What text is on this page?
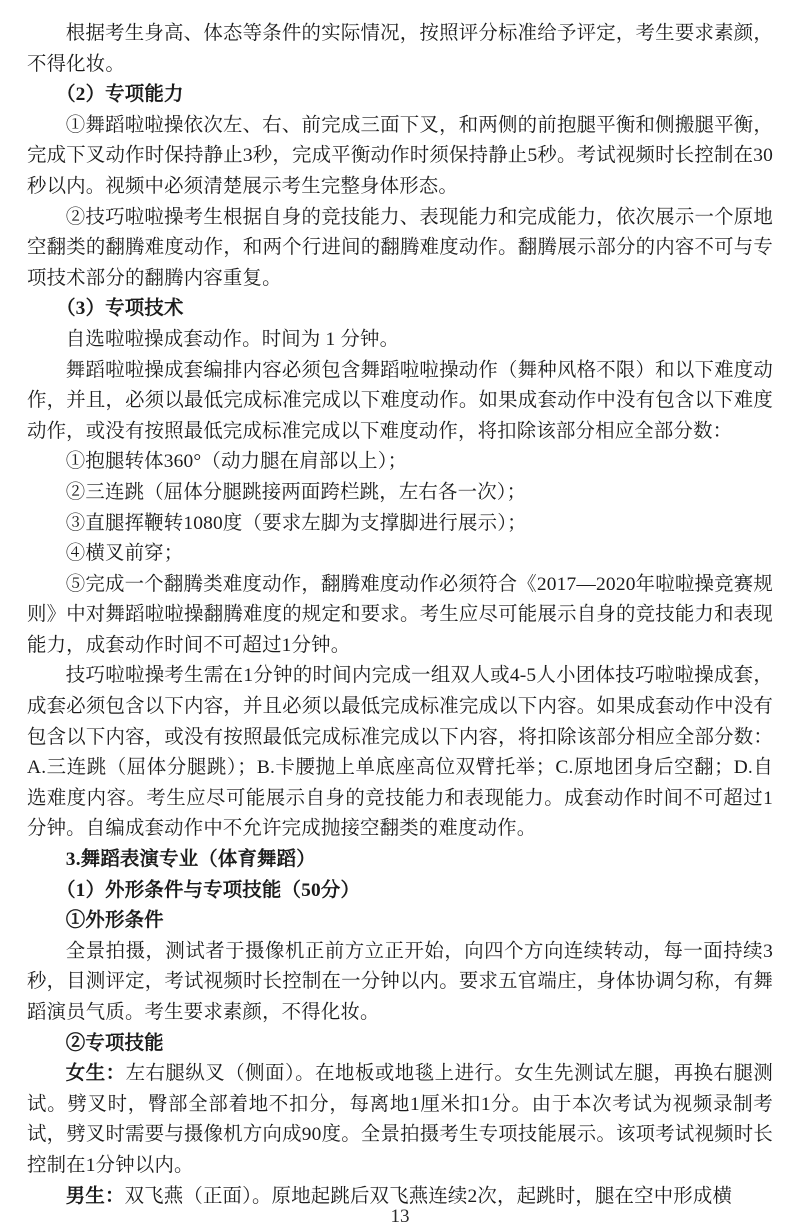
根据考生身高、体态等条件的实际情况，按照评分标准给予评定，考生要求素颜，不得化妆。

（2）专项能力

①舞蹈啦啦操依次左、右、前完成三面下叉，和两侧的前抱腿平衡和侧搬腿平衡，完成下叉动作时保持静止3秒，完成平衡动作时须保持静止5秒。考试视频时长控制在30秒以内。视频中必须清楚展示考生完整身体形态。

②技巧啦啦操考生根据自身的竞技能力、表现能力和完成能力，依次展示一个原地空翻类的翻腾难度动作，和两个行进间的翻腾难度动作。翻腾展示部分的内容不可与专项技术部分的翻腾内容重复。

（3）专项技术

自选啦啦操成套动作。时间为 1 分钟。

舞蹈啦啦操成套编排内容必须包含舞蹈啦啦操动作（舞种风格不限）和以下难度动作，并且，必须以最低完成标准完成以下难度动作。如果成套动作中没有包含以下难度动作，或没有按照最低完成标准完成以下难度动作，将扣除该部分相应全部分数：

①抱腿转体360°（动力腿在肩部以上）；

②三连跳（屈体分腿跳接两面跨栏跳，左右各一次）；

③直腿挥鞭转1080度（要求左脚为支撑脚进行展示）；

④横叉前穿；

⑤完成一个翻腾类难度动作，翻腾难度动作必须符合《2017—2020年啦啦操竞赛规则》中对舞蹈啦啦操翻腾难度的规定和要求。考生应尽可能展示自身的竞技能力和表现能力，成套动作时间不可超过1分钟。

技巧啦啦操考生需在1分钟的时间内完成一组双人或4-5人小团体技巧啦啦操成套，成套必须包含以下内容，并且必须以最低完成标准完成以下内容。如果成套动作中没有包含以下内容，或没有按照最低完成标准完成以下内容，将扣除该部分相应全部分数：A.三连跳（屈体分腿跳）；B.卡腰抛上单底座高位双臂托举；C.原地团身后空翻；D.自选难度内容。考生应尽可能展示自身的竞技能力和表现能力。成套动作时间不可超过1分钟。自编成套动作中不允许完成抛接空翻类的难度动作。

3.舞蹈表演专业（体育舞蹈）

（1）外形条件与专项技能（50分）

①外形条件

全景拍摄，测试者于摄像机正前方立正开始，向四个方向连续转动，每一面持续3秒，目测评定，考试视频时长控制在一分钟以内。要求五官端庄，身体协调匀称，有舞蹈演员气质。考生要求素颜，不得化妆。

②专项技能

女生：左右腿纵叉（侧面）。在地板或地毯上进行。女生先测试左腿，再换右腿测试。劈叉时，臀部全部着地不扣分，每离地1厘米扣1分。由于本次考试为视频录制考试，劈叉时需要与摄像机方向成90度。全景拍摄考生专项技能展示。该项考试视频时长控制在1分钟以内。

男生：双飞燕（正面）。原地起跳后双飞燕连续2次，起跳时，腿在空中形成横

13
